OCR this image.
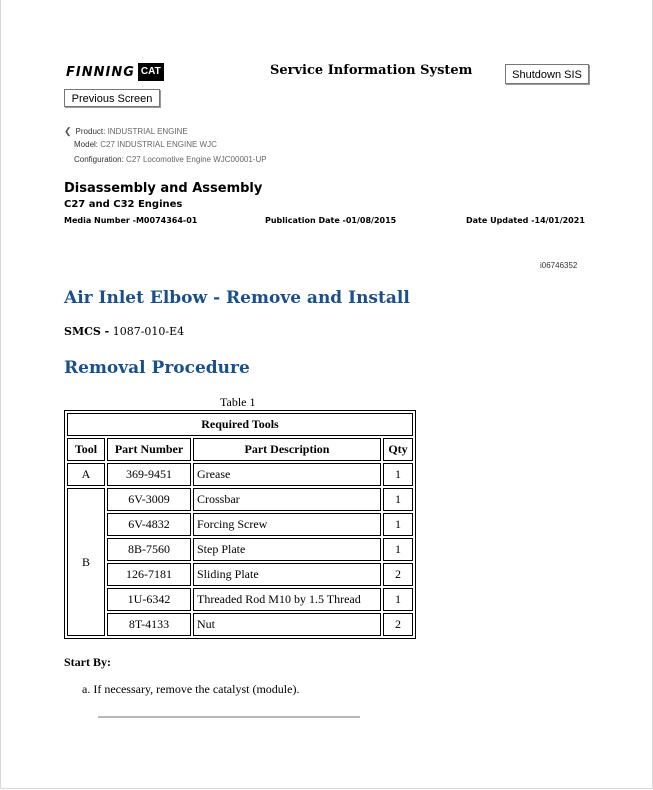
FINNING CAT	Service Information System	Shutdown SIS
Previous Screen
❮ Product: INDUSTRIAL ENGINE
Model: C27 INDUSTRIAL ENGINE WJC
Configuration: C27 Locomotive Engine WJC00001-UP
Disassembly and Assembly
C27 and C32 Engines
Media Number -M0074364-01	Publication Date -01/08/2015	Date Updated -14/01/2021
i06746352
Air Inlet Elbow - Remove and Install
SMCS - 1087-010-E4
Removal Procedure
Table 1
Required Tools			
Tool	Part Number	Part Description	Qty
A	369-9451	Grease	1
B	6V-3009	Crossbar	1
	6V-4832	Forcing Screw	1
	8B-7560	Step Plate	1
	126-7181	Sliding Plate	2
	1U-6342	Threaded Rod M10 by 1.5 Thread	1
	8T-4133	Nut	2
Start By:
a. If necessary, remove the catalyst (module).
